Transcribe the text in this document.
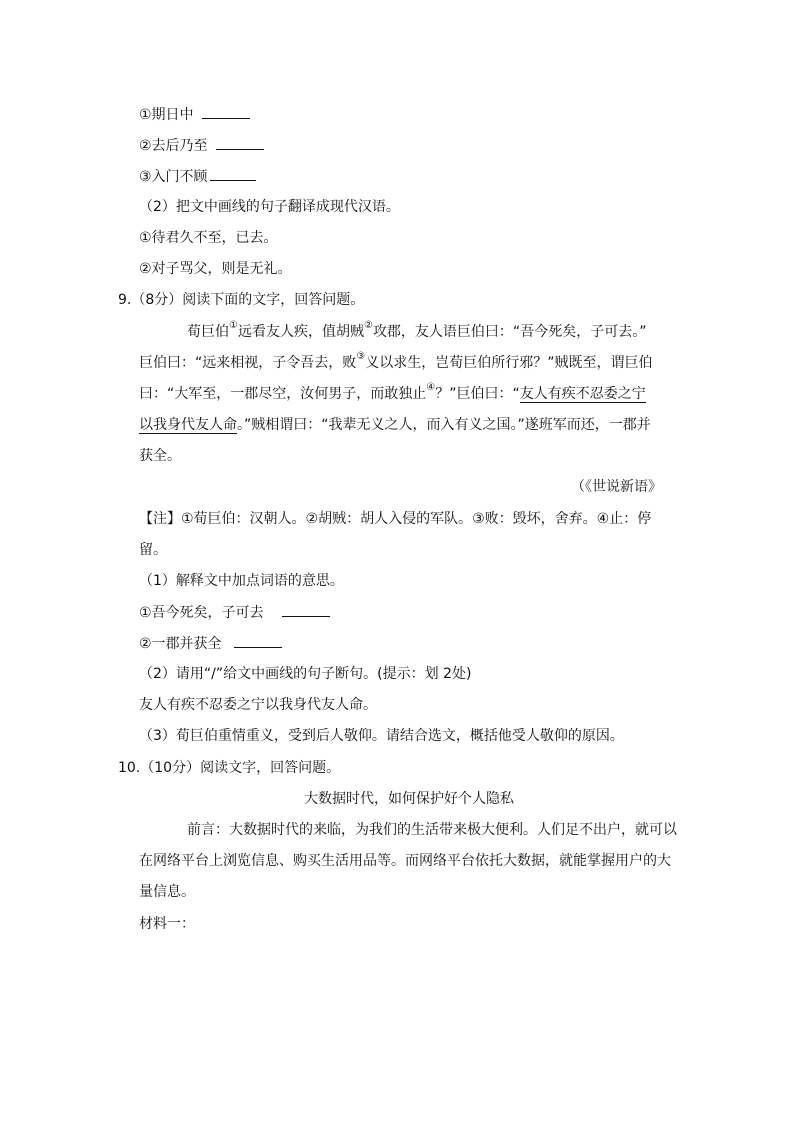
①期日中
②去后乃至
③入门不顾
（2）把文中画线的句子翻译成现代汉语。
①待君久不至，已去。
②对子骂父，则是无礼。
9.（8分）阅读下面的文字，回答问题。
荀巨伯①远看友人疾，值胡贼②攻郡，友人语巨伯曰：“吾今死矣，子可去。”
巨伯曰：“远来相视，子令吾去，败③义以求生，岂荀巨伯所行邪？”贼既至，谓巨伯
曰：“大军至，一郡尽空，汝何男子，而敢独止④？”巨伯曰：“友人有疾不忍委之宁
以我身代友人命。”贼相谓曰：“我辈无义之人，而入有义之国。”遂班军而还，一郡并
获全。
（《世说新语》
【注】①荀巨伯：汉朝人。②胡贼：胡人入侵的军队。③败：毁坏，舍弃。④止：停
留。
（1）解释文中加点词语的意思。
①吾今死矣，子可去
②一郡并获全
（2）请用“/”给文中画线的句子断句。(提示：划 2处)
友人有疾不忍委之宁以我身代友人命。
（3）荀巨伯重情重义，受到后人敬仰。请结合选文，概括他受人敬仰的原因。
10.（10分）阅读文字，回答问题。
大数据时代，如何保护好个人隐私
前言：大数据时代的来临，为我们的生活带来极大便利。人们足不出户，就可以
在网络平台上浏览信息、购买生活用品等。而网络平台依托大数据，就能掌握用户的大
量信息。
材料一：
